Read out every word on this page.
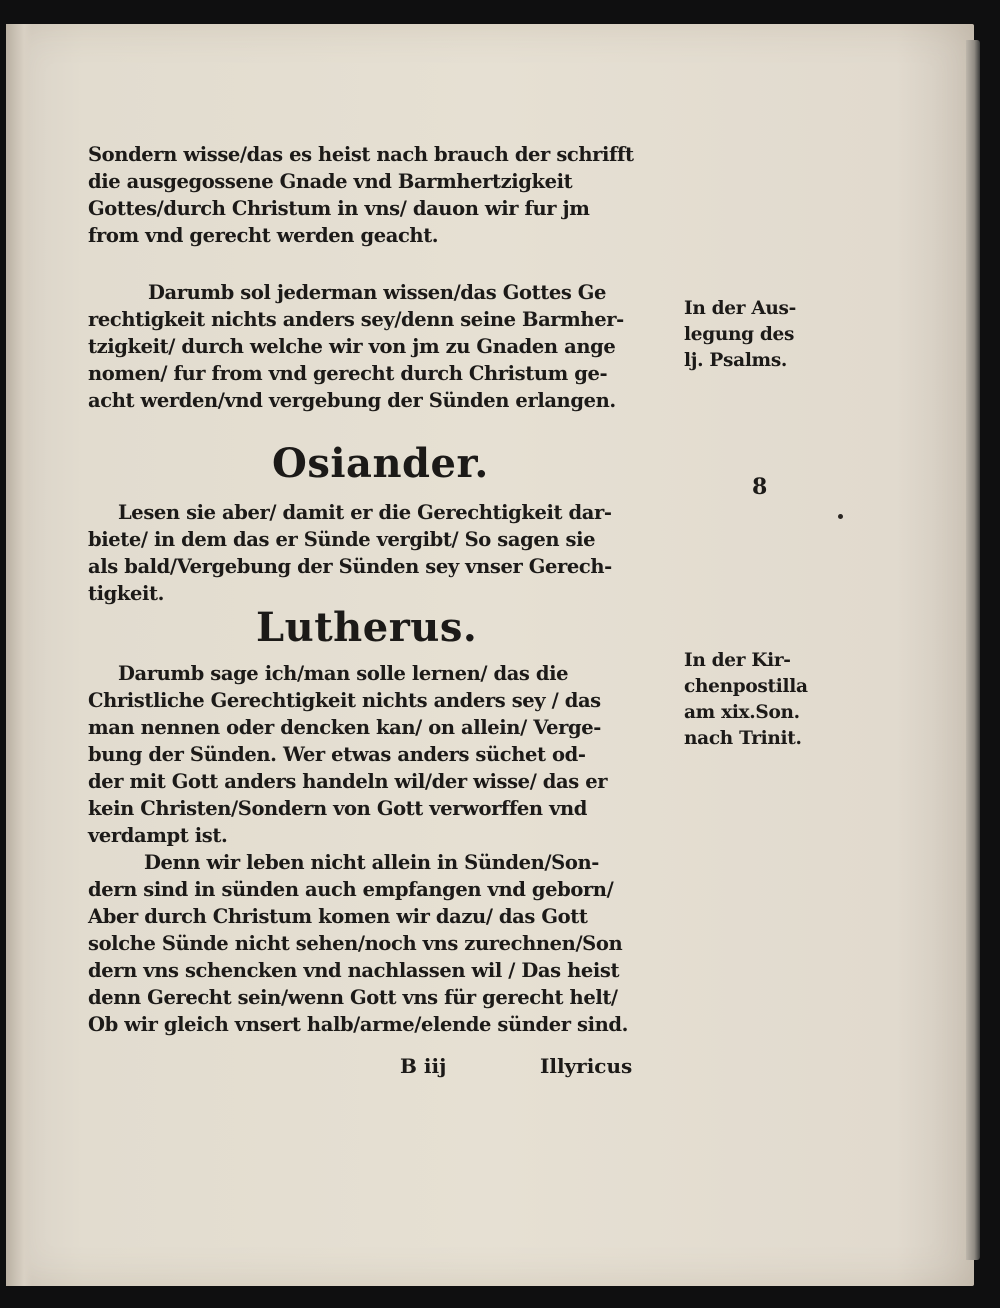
Sondern wisse/das es heist nach brauch der schrifft
die ausgegossene Gnade vnd Barmhertzigkeit
Gottes/durch Christum in vns/ dauon wir fur jm
from vnd gerecht werden geacht.
Darumb sol jederman wissen/das Gottes Ge
rechtigkeit nichts anders sey/denn seine Barmher-
tzigkeit/ durch welche wir von jm zu Gnaden ange
nomen/ fur from vnd gerecht durch Christum ge-
acht werden/vnd vergebung der Sünden erlangen.
Lesen sie aber/ damit er die Gerechtigkeit dar-
biete/ in dem das er Sünde vergibt/ So sagen sie
als bald/Vergebung der Sünden sey vnser Gerech-
tigkeit.
Darumb sage ich/man solle lernen/ das die
Christliche Gerechtigkeit nichts anders sey / das
man nennen oder dencken kan/ on allein/ Verge-
bung der Sünden. Wer etwas anders süchet od-
der mit Gott anders handeln wil/der wisse/ das er
kein Christen/Sondern von Gott verworffen vnd
verdampt ist.
Denn wir leben nicht allein in Sünden/Son-
dern sind in sünden auch empfangen vnd geborn/
Aber durch Christum komen wir dazu/ das Gott
solche Sünde nicht sehen/noch vns zurechnen/Son
dern vns schencken vnd nachlassen wil / Das heist
denn Gerecht sein/wenn Gott vns für gerecht helt/
Ob wir gleich vnsert halb/arme/elende sünder sind.
Osiander.
Lutherus.
In der Aus-
legung des
lj. Psalms.
8
In der Kir-
chenpostilla
am xix.Son.
nach Trinit.
B iij	Illyricus
